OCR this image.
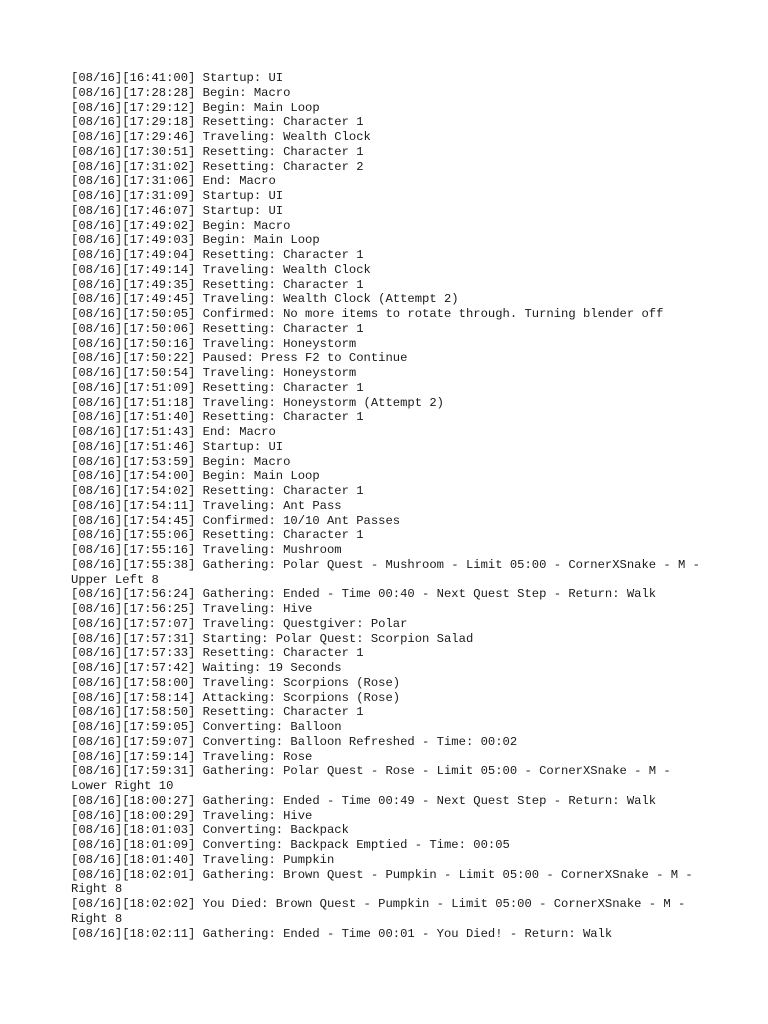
[08/16][16:41:00] Startup: UI
[08/16][17:28:28] Begin: Macro
[08/16][17:29:12] Begin: Main Loop
[08/16][17:29:18] Resetting: Character 1
[08/16][17:29:46] Traveling: Wealth Clock
[08/16][17:30:51] Resetting: Character 1
[08/16][17:31:02] Resetting: Character 2
[08/16][17:31:06] End: Macro
[08/16][17:31:09] Startup: UI
[08/16][17:46:07] Startup: UI
[08/16][17:49:02] Begin: Macro
[08/16][17:49:03] Begin: Main Loop
[08/16][17:49:04] Resetting: Character 1
[08/16][17:49:14] Traveling: Wealth Clock
[08/16][17:49:35] Resetting: Character 1
[08/16][17:49:45] Traveling: Wealth Clock (Attempt 2)
[08/16][17:50:05] Confirmed: No more items to rotate through. Turning blender off
[08/16][17:50:06] Resetting: Character 1
[08/16][17:50:16] Traveling: Honeystorm
[08/16][17:50:22] Paused: Press F2 to Continue
[08/16][17:50:54] Traveling: Honeystorm
[08/16][17:51:09] Resetting: Character 1
[08/16][17:51:18] Traveling: Honeystorm (Attempt 2)
[08/16][17:51:40] Resetting: Character 1
[08/16][17:51:43] End: Macro
[08/16][17:51:46] Startup: UI
[08/16][17:53:59] Begin: Macro
[08/16][17:54:00] Begin: Main Loop
[08/16][17:54:02] Resetting: Character 1
[08/16][17:54:11] Traveling: Ant Pass
[08/16][17:54:45] Confirmed: 10/10 Ant Passes
[08/16][17:55:06] Resetting: Character 1
[08/16][17:55:16] Traveling: Mushroom
[08/16][17:55:38] Gathering: Polar Quest - Mushroom - Limit 05:00 - CornerXSnake - M - Upper Left 8
[08/16][17:56:24] Gathering: Ended - Time 00:40 - Next Quest Step - Return: Walk
[08/16][17:56:25] Traveling: Hive
[08/16][17:57:07] Traveling: Questgiver: Polar
[08/16][17:57:31] Starting: Polar Quest: Scorpion Salad
[08/16][17:57:33] Resetting: Character 1
[08/16][17:57:42] Waiting: 19 Seconds
[08/16][17:58:00] Traveling: Scorpions (Rose)
[08/16][17:58:14] Attacking: Scorpions (Rose)
[08/16][17:58:50] Resetting: Character 1
[08/16][17:59:05] Converting: Balloon
[08/16][17:59:07] Converting: Balloon Refreshed - Time: 00:02
[08/16][17:59:14] Traveling: Rose
[08/16][17:59:31] Gathering: Polar Quest - Rose - Limit 05:00 - CornerXSnake - M - Lower Right 10
[08/16][18:00:27] Gathering: Ended - Time 00:49 - Next Quest Step - Return: Walk
[08/16][18:00:29] Traveling: Hive
[08/16][18:01:03] Converting: Backpack
[08/16][18:01:09] Converting: Backpack Emptied - Time: 00:05
[08/16][18:01:40] Traveling: Pumpkin
[08/16][18:02:01] Gathering: Brown Quest - Pumpkin - Limit 05:00 - CornerXSnake - M - Right 8
[08/16][18:02:02] You Died: Brown Quest - Pumpkin - Limit 05:00 - CornerXSnake - M - Right 8
[08/16][18:02:11] Gathering: Ended - Time 00:01 - You Died! - Return: Walk
